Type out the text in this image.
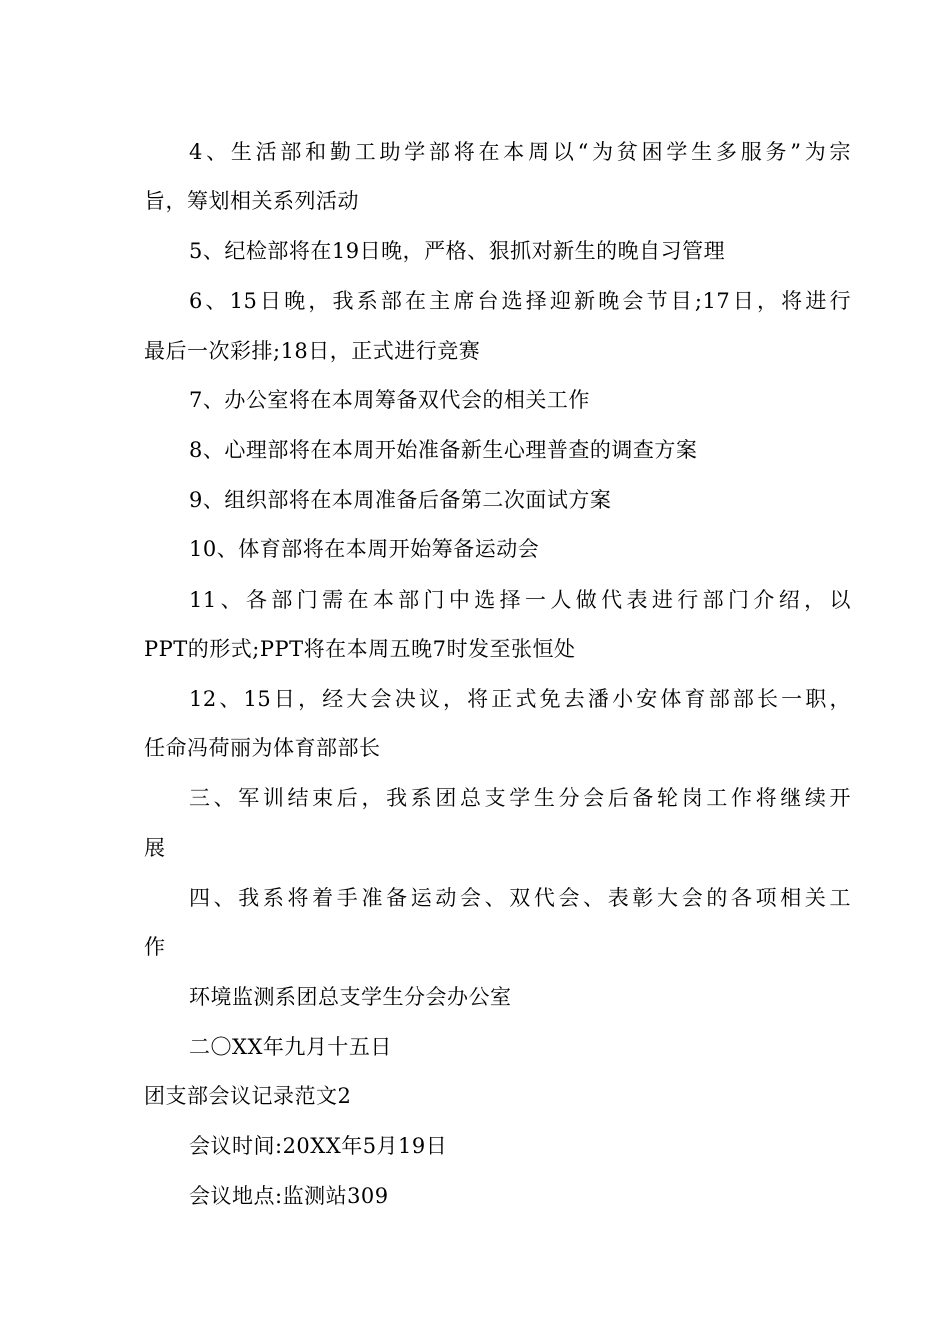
4、生活部和勤工助学部将在本周以“为贫困学生多服务”为宗
旨，筹划相关系列活动
5、纪检部将在19日晚，严格、狠抓对新生的晚自习管理
6、15日晚，我系部在主席台选择迎新晚会节目;17日，将进行
最后一次彩排;18日，正式进行竞赛
7、办公室将在本周筹备双代会的相关工作
8、心理部将在本周开始准备新生心理普查的调查方案
9、组织部将在本周准备后备第二次面试方案
10、体育部将在本周开始筹备运动会
11、各部门需在本部门中选择一人做代表进行部门介绍，以
PPT的形式;PPT将在本周五晚7时发至张恒处
12、15日，经大会决议，将正式免去潘小安体育部部长一职，
任命冯荷丽为体育部部长
三、军训结束后，我系团总支学生分会后备轮岗工作将继续开
展
四、我系将着手准备运动会、双代会、表彰大会的各项相关工
作
环境监测系团总支学生分会办公室
二〇XX年九月十五日
团支部会议记录范文2
会议时间:20XX年5月19日
会议地点:监测站309
